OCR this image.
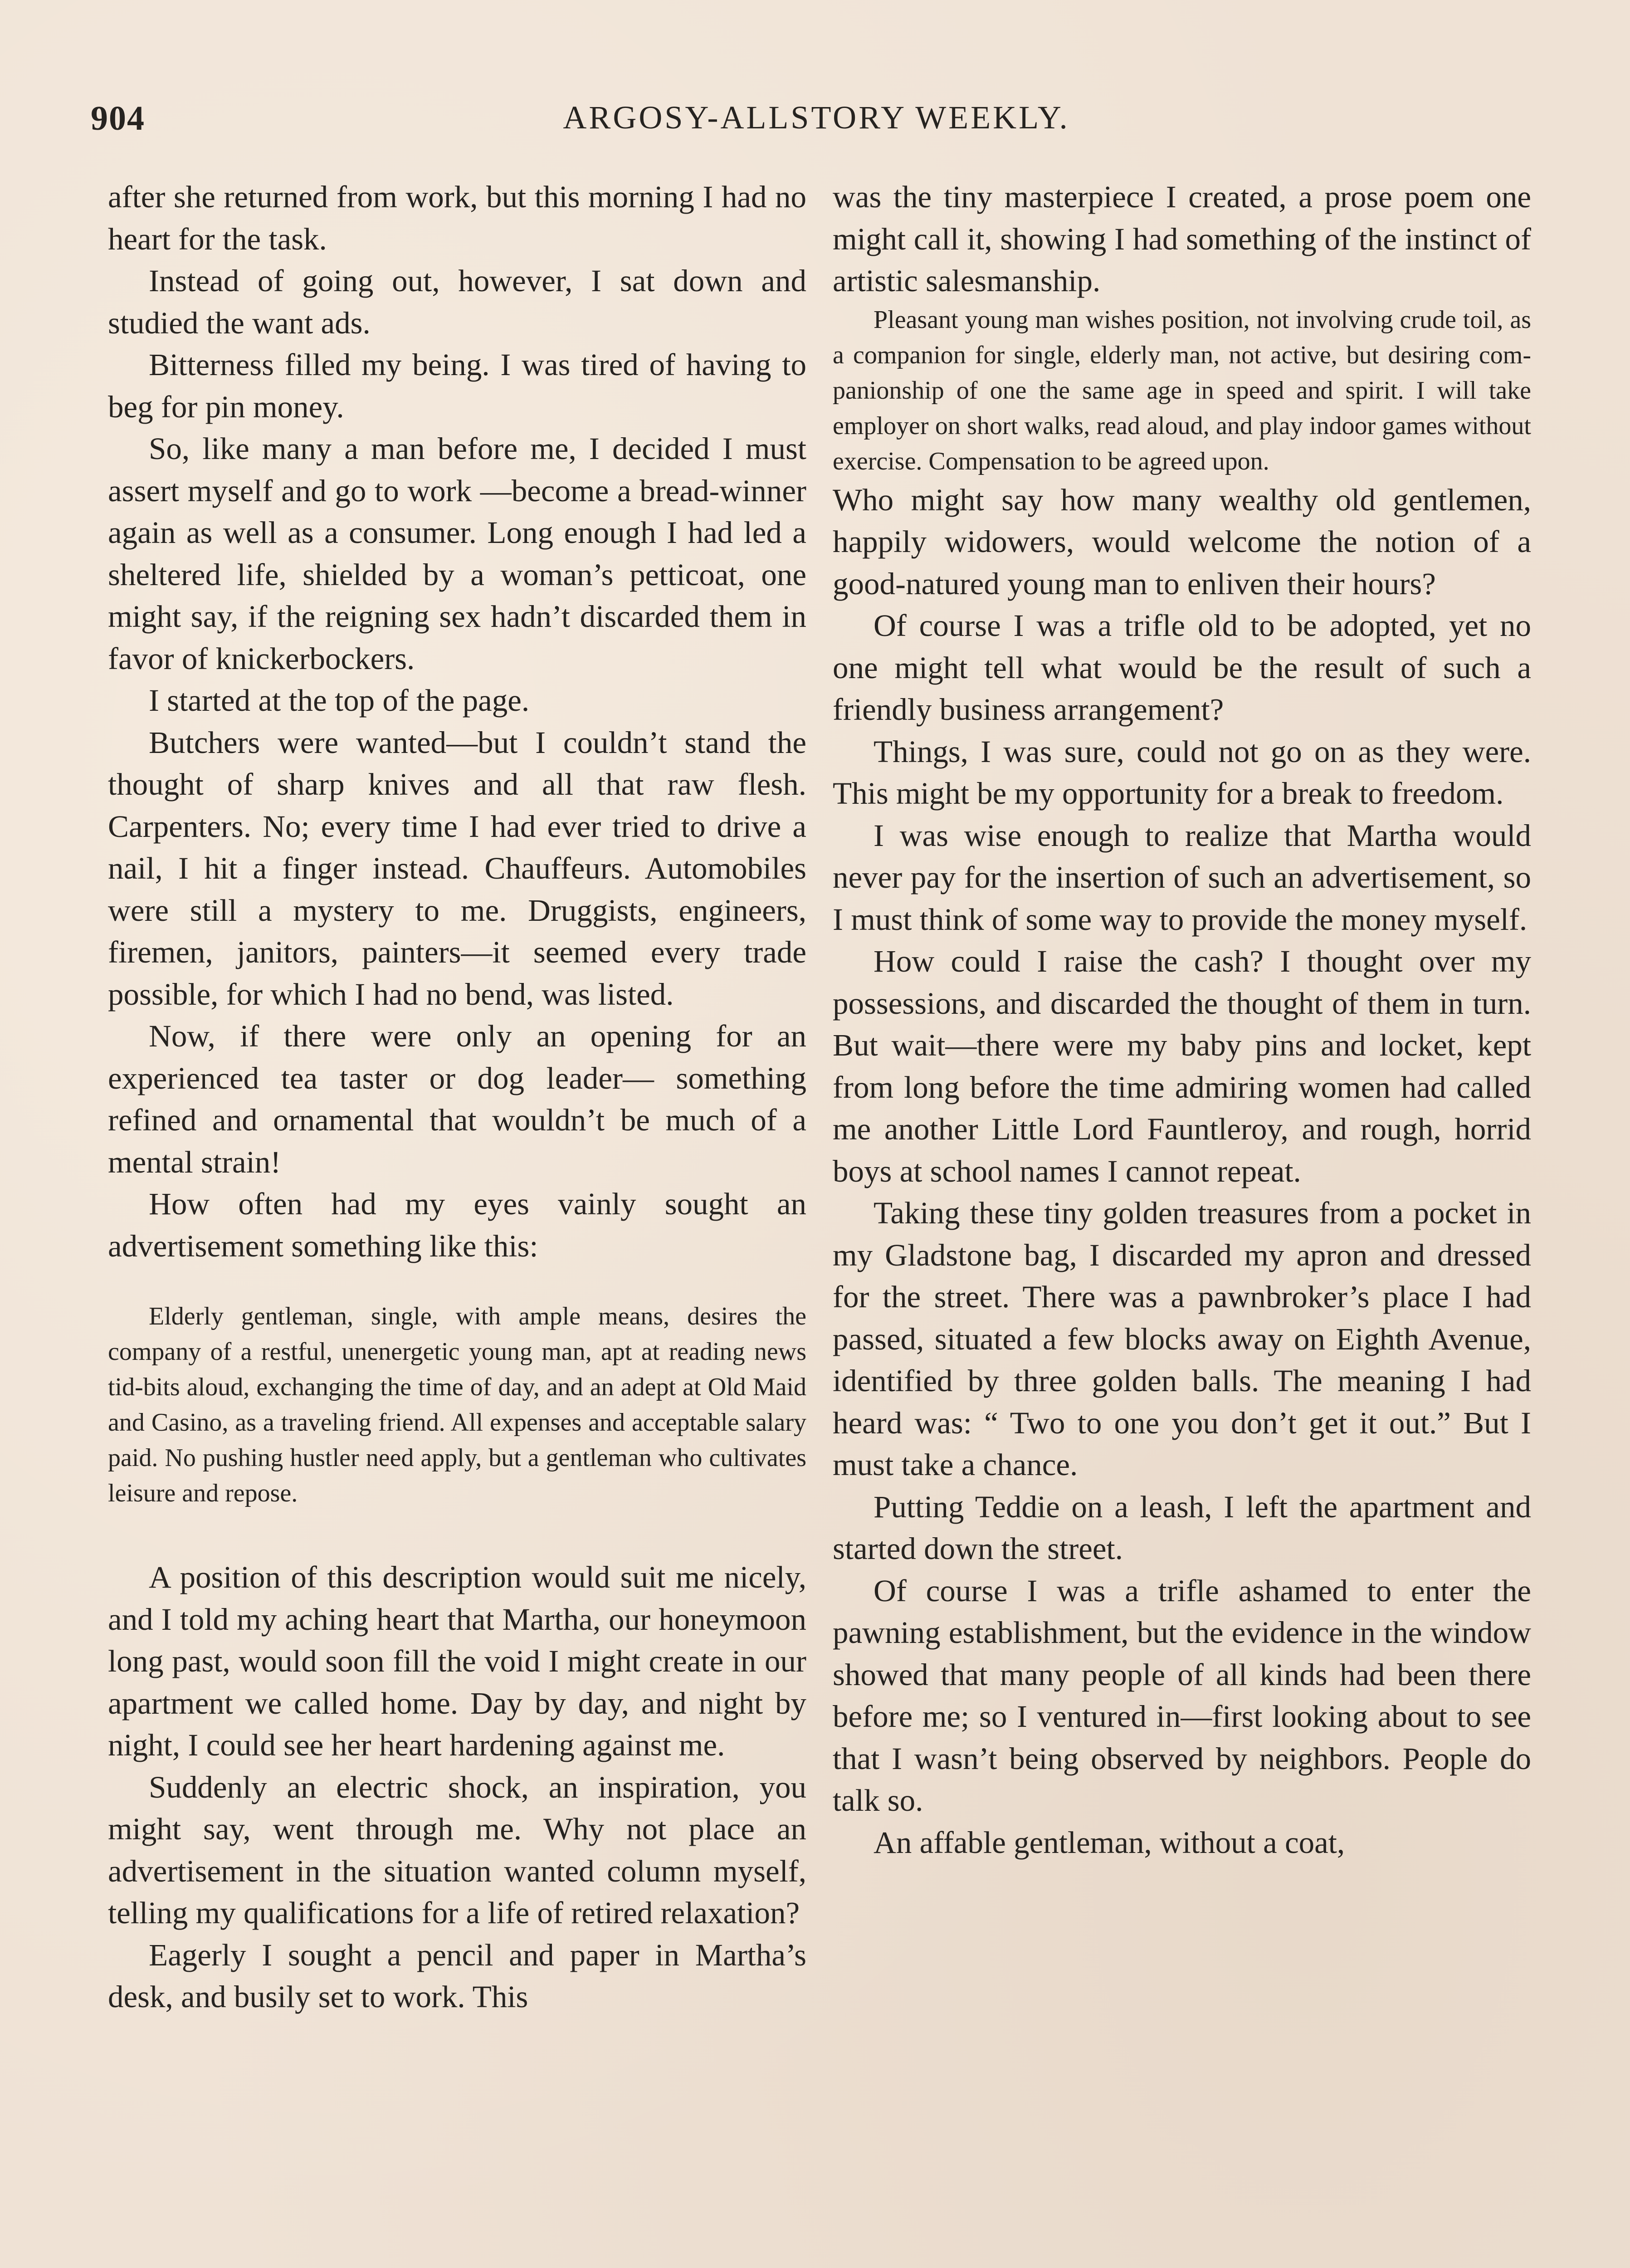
904	ARGOSY-ALLSTORY WEEKLY.

after she returned from work, but this morning I had no heart for the task.

Instead of going out, however, I sat down and studied the want ads.

Bitterness filled my being. I was tired of having to beg for pin money.

So, like many a man before me, I decided I must assert myself and go to work —become a bread-winner again as well as a consumer. Long enough I had led a sheltered life, shielded by a woman’s petticoat, one might say, if the reigning sex hadn’t discarded them in favor of knickerbockers.

I started at the top of the page.

Butchers were wanted—but I couldn’t stand the thought of sharp knives and all that raw flesh. Carpenters. No; every time I had ever tried to drive a nail, I hit a finger instead. Chauffeurs. Automobiles were still a mystery to me. Druggists, engineers, firemen, janitors, painters—it seemed every trade possible, for which I had no bend, was listed.

Now, if there were only an opening for an experienced tea taster or dog leader— something refined and ornamental that wouldn’t be much of a mental strain!

How often had my eyes vainly sought an advertisement something like this:

Elderly gentleman, single, with ample means, desires the company of a restful, unenergetic young man, apt at reading news tid-bits aloud, exchanging the time of day, and an adept at Old Maid and Casino, as a traveling friend. All expenses and acceptable salary paid. No pushing hustler need apply, but a gentleman who cultivates leisure and repose.

A position of this description would suit me nicely, and I told my aching heart that Martha, our honeymoon long past, would soon fill the void I might create in our apartment we called home. Day by day, and night by night, I could see her heart hardening against me.

Suddenly an electric shock, an inspiration, you might say, went through me. Why not place an advertisement in the situation wanted column myself, telling my qualifications for a life of retired relaxation?

Eagerly I sought a pencil and paper in Martha’s desk, and busily set to work. This

was the tiny masterpiece I created, a prose poem one might call it, showing I had something of the instinct of artistic salesmanship.

Pleasant young man wishes position, not involving crude toil, as a companion for single, elderly man, not active, but desiring companionship of one the same age in speed and spirit. I will take employer on short walks, read aloud, and play indoor games without exercise. Compensation to be agreed upon.

Who might say how many wealthy old gentlemen, happily widowers, would welcome the notion of a good-natured young man to enliven their hours?

Of course I was a trifle old to be adopted, yet no one might tell what would be the result of such a friendly business arrangement?

Things, I was sure, could not go on as they were. This might be my opportunity for a break to freedom.

I was wise enough to realize that Martha would never pay for the insertion of such an advertisement, so I must think of some way to provide the money myself.

How could I raise the cash? I thought over my possessions, and discarded the thought of them in turn. But wait—there were my baby pins and locket, kept from long before the time admiring women had called me another Little Lord Fauntleroy, and rough, horrid boys at school names I cannot repeat.

Taking these tiny golden treasures from a pocket in my Gladstone bag, I discarded my apron and dressed for the street. There was a pawnbroker’s place I had passed, situated a few blocks away on Eighth Avenue, identified by three golden balls. The meaning I had heard was: “ Two to one you don’t get it out.” But I must take a chance.

Putting Teddie on a leash, I left the apartment and started down the street.

Of course I was a trifle ashamed to enter the pawning establishment, but the evidence in the window showed that many people of all kinds had been there before me; so I ventured in—first looking about to see that I wasn’t being observed by neighbors. People do talk so.

An affable gentleman, without a coat,
